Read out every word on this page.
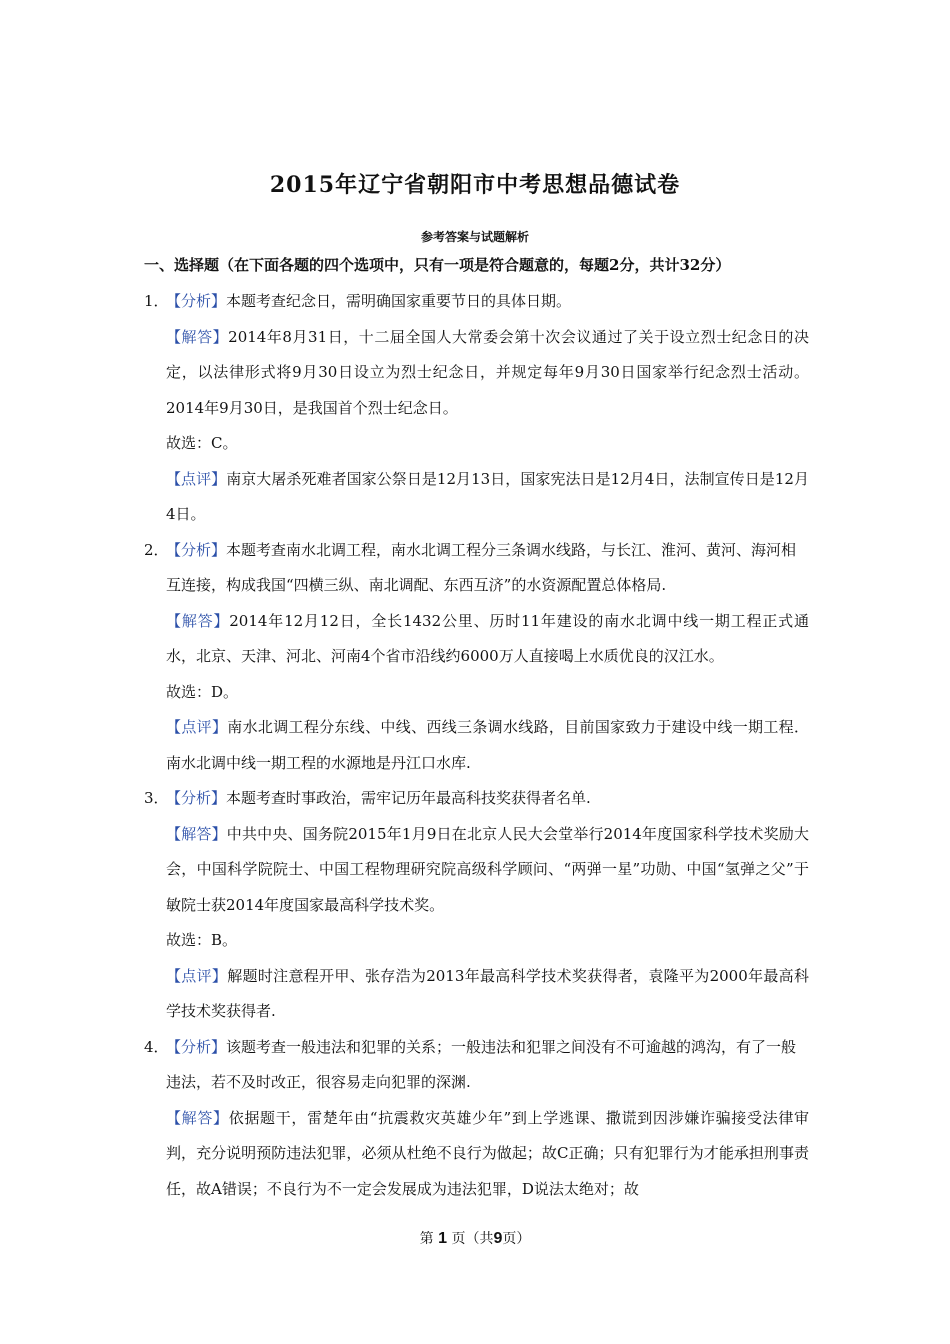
2015年辽宁省朝阳市中考思想品德试卷
参考答案与试题解析
一、选择题（在下面各题的四个选项中，只有一项是符合题意的，每题2分，共计32分）
1．
【分析】本题考查纪念日，需明确国家重要节日的具体日期。
【解答】2014年8月31日，十二届全国人大常委会第十次会议通过了关于设立烈士纪念日的决定，以法律形式将9月30日设立为烈士纪念日，并规定每年9月30日国家举行纪念烈士活动。2014年9月30日，是我国首个烈士纪念日。
故选：C。
【点评】南京大屠杀死难者国家公祭日是12月13日，国家宪法日是12月4日，法制宣传日是12月4日。
2．
【分析】本题考查南水北调工程，南水北调工程分三条调水线路，与长江、淮河、黄河、海河相互连接，构成我国“四横三纵、南北调配、东西互济”的水资源配置总体格局.
【解答】2014年12月12日，全长1432公里、历时11年建设的南水北调中线一期工程正式通水，北京、天津、河北、河南4个省市沿线约6000万人直接喝上水质优良的汉江水。
故选：D。
【点评】南水北调工程分东线、中线、西线三条调水线路，目前国家致力于建设中线一期工程．南水北调中线一期工程的水源地是丹江口水库.
3．
【分析】本题考查时事政治，需牢记历年最高科技奖获得者名单.
【解答】中共中央、国务院2015年1月9日在北京人民大会堂举行2014年度国家科学技术奖励大会，中国科学院院士、中国工程物理研究院高级科学顾问、“两弹一星”功勋、中国“氢弹之父”于敏院士获2014年度国家最高科学技术奖。
故选：B。
【点评】解题时注意程开甲、张存浩为2013年最高科学技术奖获得者，袁隆平为2000年最高科学技术奖获得者.
4．
【分析】该题考查一般违法和犯罪的关系；一般违法和犯罪之间没有不可逾越的鸿沟，有了一般违法，若不及时改正，很容易走向犯罪的深渊.
【解答】依据题干，雷楚年由“抗震救灾英雄少年”到上学逃课、撒谎到因涉嫌诈骗接受法律审判，充分说明预防违法犯罪，必须从杜绝不良行为做起；故C正确；只有犯罪行为才能承担刑事责任，故A错误；不良行为不一定会发展成为违法犯罪，D说法太绝对；故
第 1 页（共9页）
